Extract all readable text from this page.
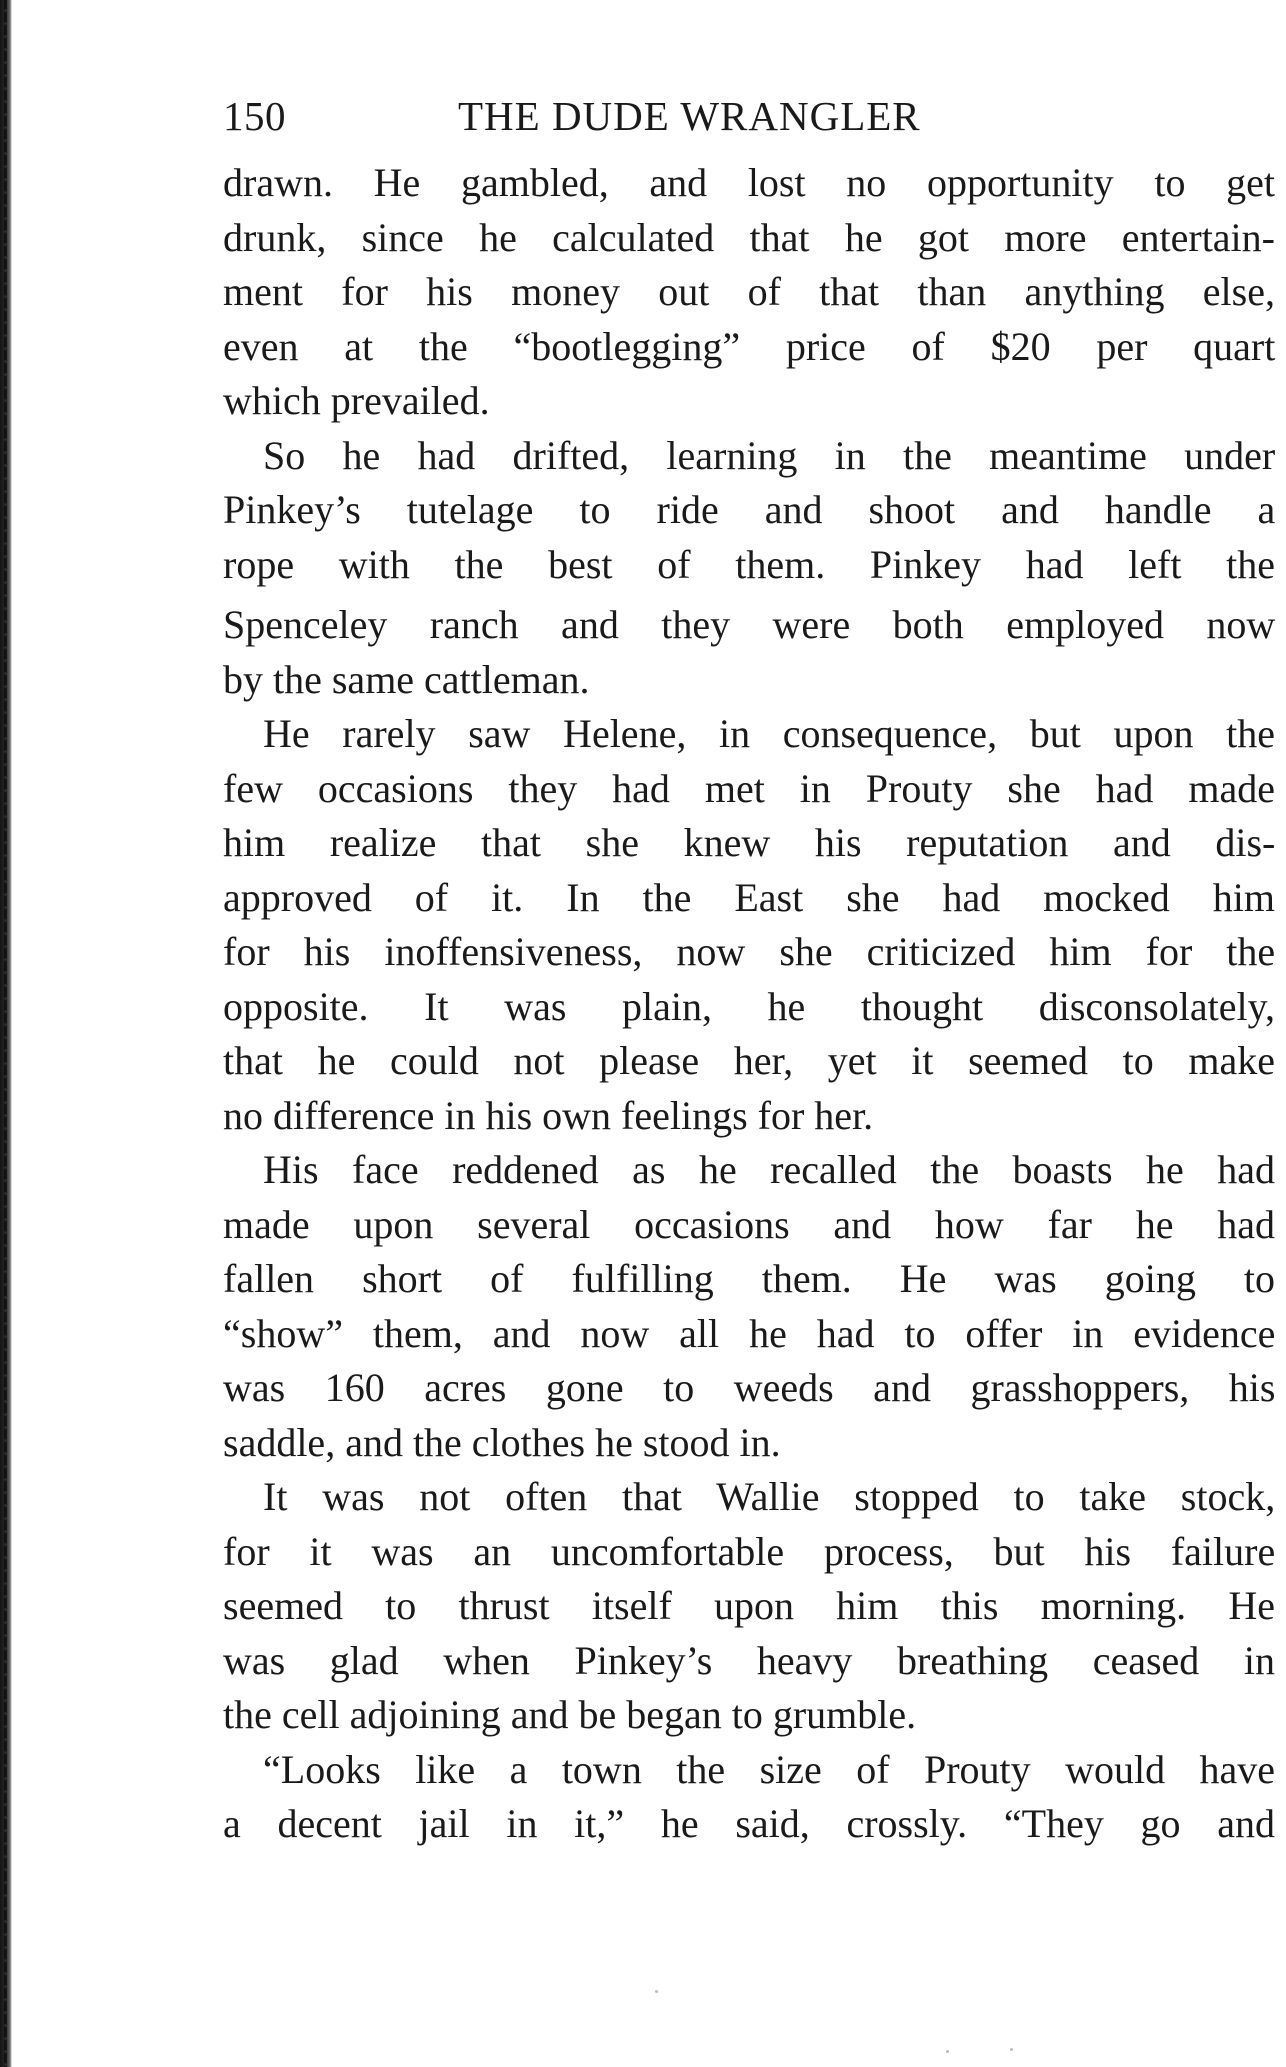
150	THE DUDE WRANGLER
drawn. He gambled, and lost no opportunity to get
drunk, since he calculated that he got more entertain-
ment for his money out of that than anything else,
even at the “bootlegging” price of $20 per quart
which prevailed.
So he had drifted, learning in the meantime under
Pinkey’s tutelage to ride and shoot and handle a
rope with the best of them. Pinkey had left the
Spenceley ranch and they were both employed now
by the same cattleman.
He rarely saw Helene, in consequence, but upon the
few occasions they had met in Prouty she had made
him realize that she knew his reputation and dis-
approved of it. In the East she had mocked him
for his inoffensiveness, now she criticized him for the
opposite. It was plain, he thought disconsolately,
that he could not please her, yet it seemed to make
no difference in his own feelings for her.
His face reddened as he recalled the boasts he had
made upon several occasions and how far he had
fallen short of fulfilling them. He was going to
“show” them, and now all he had to offer in evidence
was 160 acres gone to weeds and grasshoppers, his
saddle, and the clothes he stood in.
It was not often that Wallie stopped to take stock,
for it was an uncomfortable process, but his failure
seemed to thrust itself upon him this morning. He
was glad when Pinkey’s heavy breathing ceased in
the cell adjoining and be began to grumble.
“Looks like a town the size of Prouty would have
a decent jail in it,” he said, crossly. “They go and
